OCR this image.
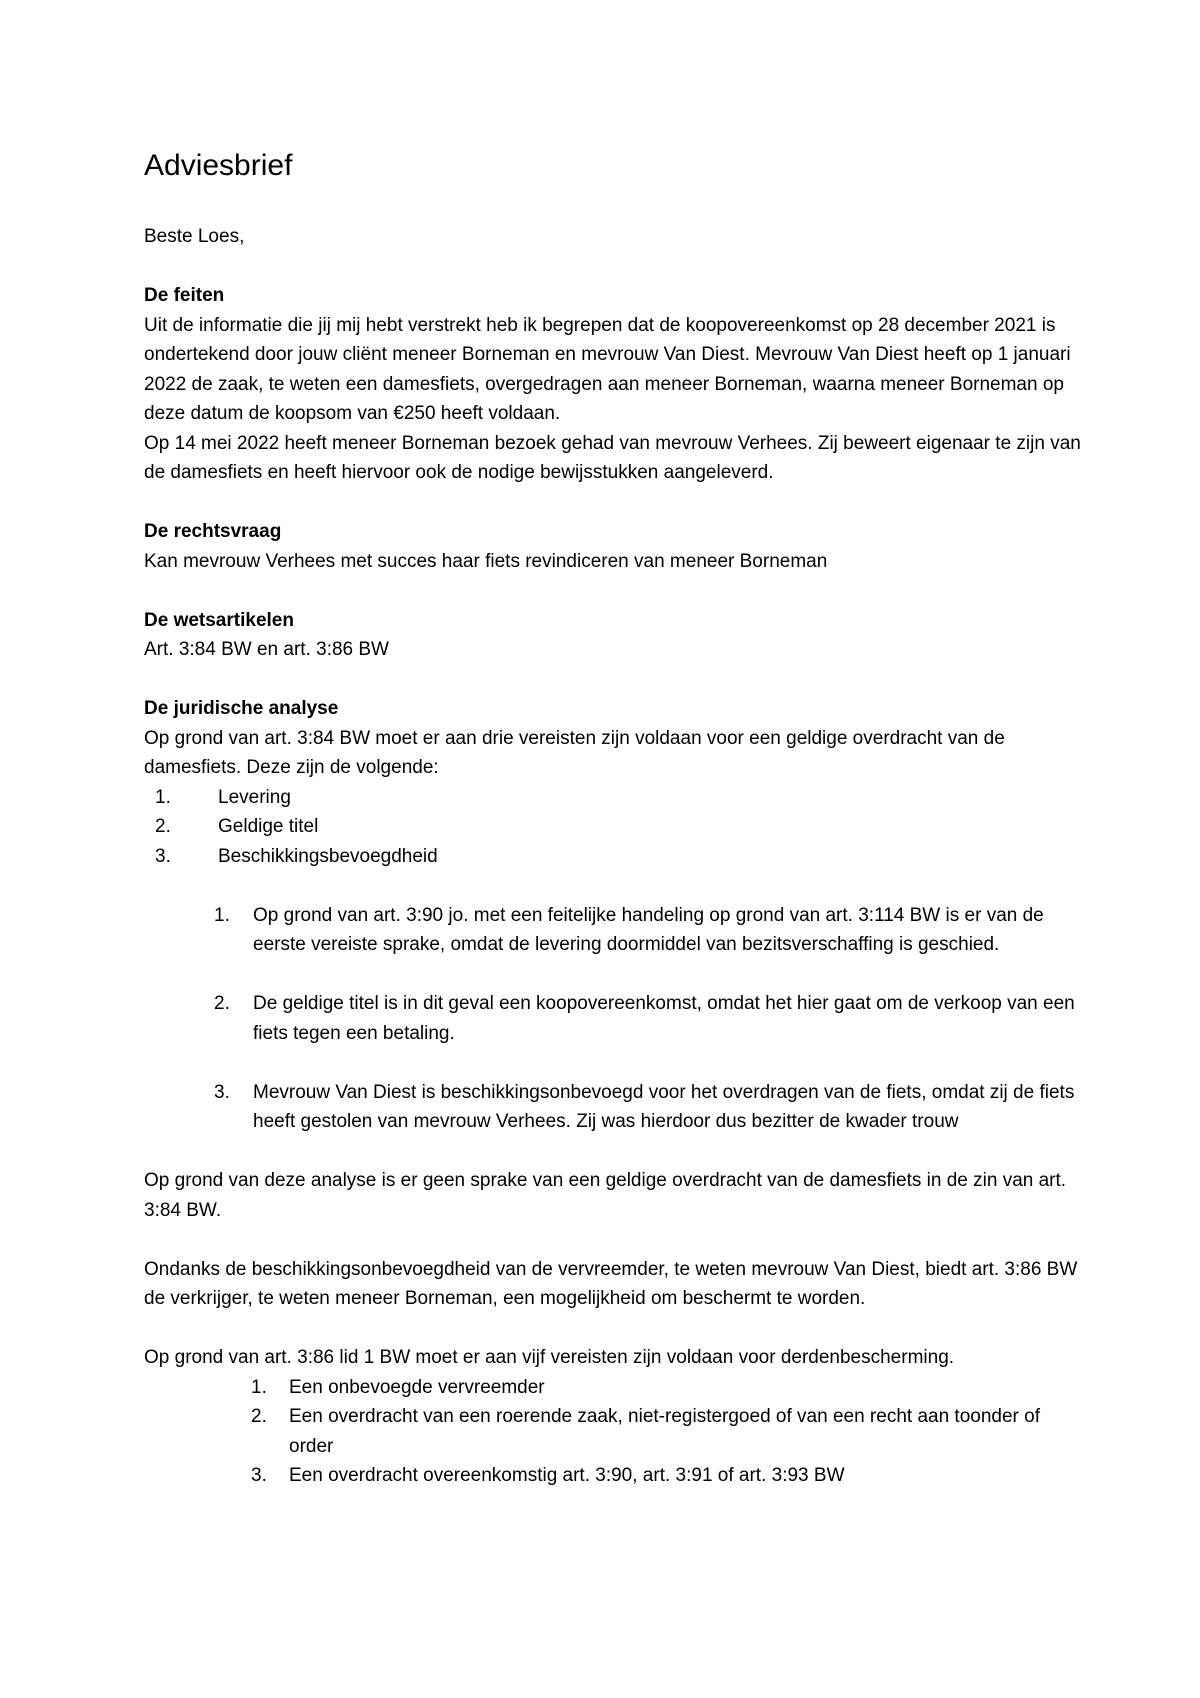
Adviesbrief

Beste Loes,

De feiten

Uit de informatie die jij mij hebt verstrekt heb ik begrepen dat de koopovereenkomst op 28 december 2021 is ondertekend door jouw cliënt meneer Borneman en mevrouw Van Diest. Mevrouw Van Diest heeft op 1 januari 2022 de zaak, te weten een damesfiets, overgedragen aan meneer Borneman, waarna meneer Borneman op deze datum de koopsom van €250 heeft voldaan.

Op 14 mei 2022 heeft meneer Borneman bezoek gehad van mevrouw Verhees. Zij beweert eigenaar te zijn van de damesfiets en heeft hiervoor ook de nodige bewijsstukken aangeleverd.

De rechtsvraag

Kan mevrouw Verhees met succes haar fiets revindiceren van meneer Borneman

De wetsartikelen

Art. 3:84 BW en art. 3:86 BW

De juridische analyse

Op grond van art. 3:84 BW moet er aan drie vereisten zijn voldaan voor een geldige overdracht van de damesfiets. Deze zijn de volgende:

1.	Levering
2.	Geldige titel
3.	Beschikkingsbevoegdheid
1.	Op grond van art. 3:90 jo. met een feitelijke handeling op grond van art. 3:114 BW is er van de eerste vereiste sprake, omdat de levering doormiddel van bezitsverschaffing is geschied.
2.	De geldige titel is in dit geval een koopovereenkomst, omdat het hier gaat om de verkoop van een fiets tegen een betaling.
3.	Mevrouw Van Diest is beschikkingsonbevoegd voor het overdragen van de fiets, omdat zij de fiets heeft gestolen van mevrouw Verhees. Zij was hierdoor dus bezitter de kwader trouw

Op grond van deze analyse is er geen sprake van een geldige overdracht van de damesfiets in de zin van art. 3:84 BW.

Ondanks de beschikkingsonbevoegdheid van de vervreemder, te weten mevrouw Van Diest, biedt art. 3:86 BW de verkrijger, te weten meneer Borneman, een mogelijkheid om beschermt te worden.

Op grond van art. 3:86 lid 1 BW moet er aan vijf vereisten zijn voldaan voor derdenbescherming.

1.	Een onbevoegde vervreemder
2.	Een overdracht van een roerende zaak, niet-registergoed of van een recht aan toonder of order
3.	Een overdracht overeenkomstig art. 3:90, art. 3:91 of art. 3:93 BW
